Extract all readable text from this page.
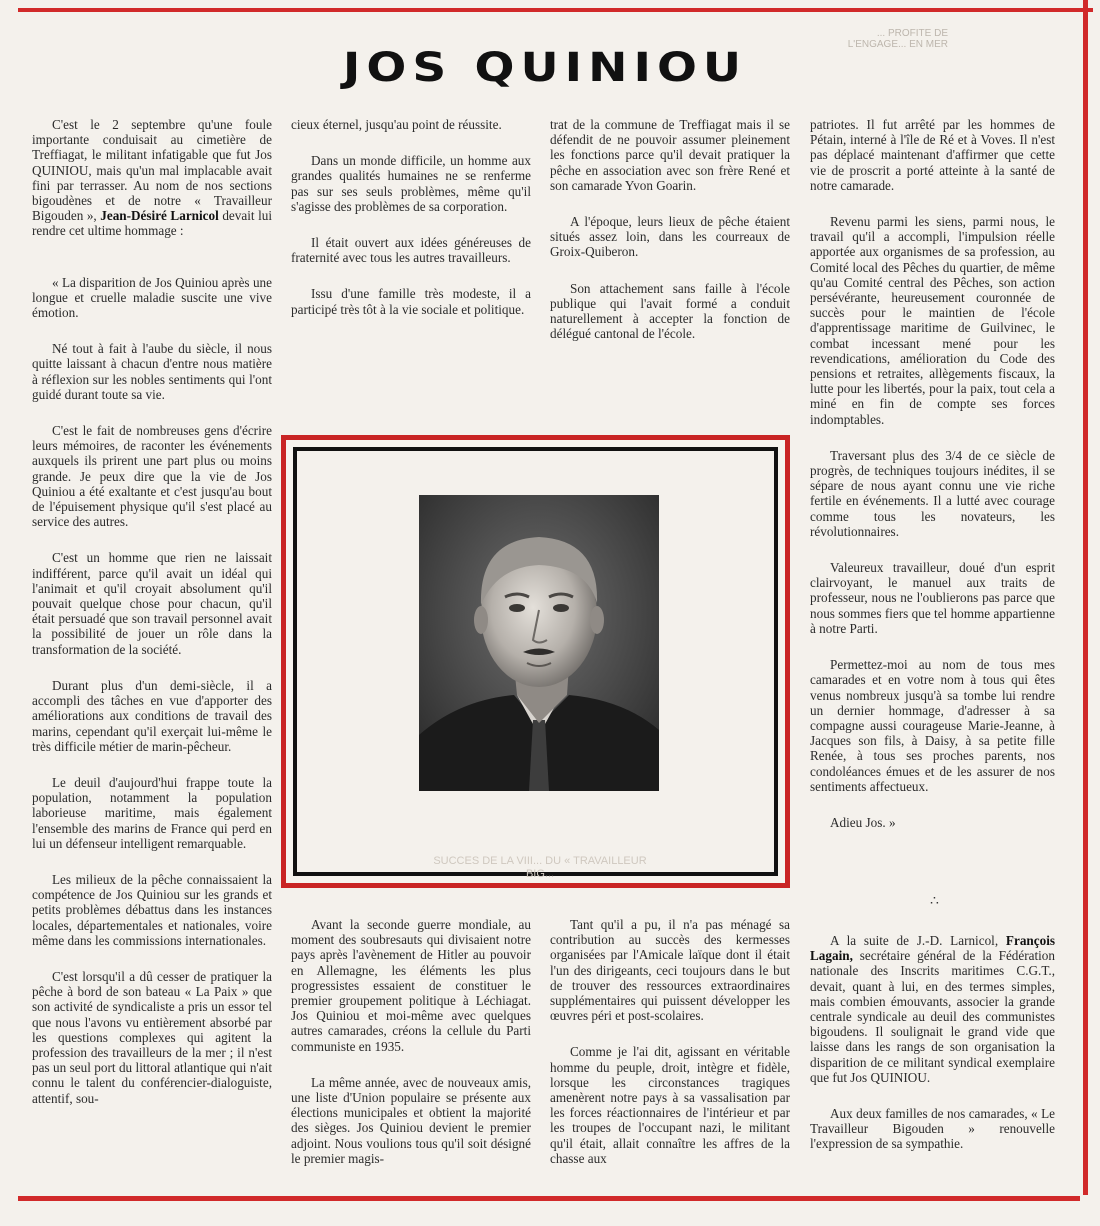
... PROFITE DE L'ENGAGE... EN MER
JOS QUINIOU

C'est le 2 septembre qu'une foule importante conduisait au cimetière de Treffiagat, le militant infatigable que fut Jos QUINIOU, mais qu'un mal implacable avait fini par terrasser. Au nom de nos sections bigoudènes et de notre « Travailleur Bigouden », Jean-Désiré Larnicol devait lui rendre cet ultime hommage :

« La disparition de Jos Quiniou après une longue et cruelle maladie suscite une vive émotion.

Né tout à fait à l'aube du siècle, il nous quitte laissant à chacun d'entre nous matière à réflexion sur les nobles sentiments qui l'ont guidé durant toute sa vie.

C'est le fait de nombreuses gens d'écrire leurs mémoires, de raconter les événements auxquels ils prirent une part plus ou moins grande. Je peux dire que la vie de Jos Quiniou a été exaltante et c'est jusqu'au bout de l'épuisement physique qu'il s'est placé au service des autres.

C'est un homme que rien ne laissait indifférent, parce qu'il avait un idéal qui l'animait et qu'il croyait absolument qu'il pouvait quelque chose pour chacun, qu'il était persuadé que son travail personnel avait la possibilité de jouer un rôle dans la transformation de la société.

Durant plus d'un demi-siècle, il a accompli des tâches en vue d'apporter des améliorations aux conditions de travail des marins, cependant qu'il exerçait lui-même le très difficile métier de marin-pêcheur.

Le deuil d'aujourd'hui frappe toute la population, notamment la population laborieuse maritime, mais également l'ensemble des marins de France qui perd en lui un défenseur intelligent remarquable.

Les milieux de la pêche connaissaient la compétence de Jos Quiniou sur les grands et petits problèmes débattus dans les instances locales, départementales et nationales, voire même dans les commissions internationales.

C'est lorsqu'il a dû cesser de pratiquer la pêche à bord de son bateau « La Paix » que son activité de syndicaliste a pris un essor tel que nous l'avons vu entièrement absorbé par les questions complexes qui agitent la profession des travailleurs de la mer ; il n'est pas un seul port du littoral atlantique qui n'ait connu le talent du conférencier-dialoguiste, attentif, sou-

cieux éternel, jusqu'au point de réussite.

Dans un monde difficile, un homme aux grandes qualités humaines ne se renferme pas sur ses seuls problèmes, même qu'il s'agisse des problèmes de sa corporation.

Il était ouvert aux idées généreuses de fraternité avec tous les autres travailleurs.

Issu d'une famille très modeste, il a participé très tôt à la vie sociale et politique.

trat de la commune de Treffiagat mais il se défendit de ne pouvoir assumer pleinement les fonctions parce qu'il devait pratiquer la pêche en association avec son frère René et son camarade Yvon Goarin.

A l'époque, leurs lieux de pêche étaient situés assez loin, dans les courreaux de Groix-Quiberon.

Son attachement sans faille à l'école publique qui l'avait formé a conduit naturellement à accepter la fonction de délégué cantonal de l'école.

patriotes. Il fut arrêté par les hommes de Pétain, interné à l'île de Ré et à Voves. Il n'est pas déplacé maintenant d'affirmer que cette vie de proscrit a porté atteinte à la santé de notre camarade.

Revenu parmi les siens, parmi nous, le travail qu'il a accompli, l'impulsion réelle apportée aux organismes de sa profession, au Comité local des Pêches du quartier, de même qu'au Comité central des Pêches, son action persévérante, heureusement couronnée de succès pour le maintien de l'école d'apprentissage maritime de Guilvinec, le combat incessant mené pour les revendications, amélioration du Code des pensions et retraites, allègements fiscaux, la lutte pour les libertés, pour la paix, tout cela a miné en fin de compte ses forces indomptables.

Traversant plus des 3/4 de ce siècle de progrès, de techniques toujours inédites, il se sépare de nous ayant connu une vie riche fertile en événements. Il a lutté avec courage comme tous les novateurs, les révolutionnaires.

Valeureux travailleur, doué d'un esprit clairvoyant, le manuel aux traits de professeur, nous ne l'oublierons pas parce que nous sommes fiers que tel homme appartienne à notre Parti.

Permettez-moi au nom de tous mes camarades et en votre nom à tous qui êtes venus nombreux jusqu'à sa tombe lui rendre un dernier hommage, d'adresser à sa compagne aussi courageuse Marie-Jeanne, à Jacques son fils, à Daisy, à sa petite fille Renée, à tous ses proches parents, nos condoléances émues et de les assurer de nos sentiments affectueux.

Adieu Jos. »

SUCCES DE LA VIII... DU « TRAVAILLEUR BIG...

Avant la seconde guerre mondiale, au moment des soubresauts qui divisaient notre pays après l'avènement de Hitler au pouvoir en Allemagne, les éléments les plus progressistes essaient de constituer le premier groupement politique à Léchiagat. Jos Quiniou et moi-même avec quelques autres camarades, créons la cellule du Parti communiste en 1935.

La même année, avec de nouveaux amis, une liste d'Union populaire se présente aux élections municipales et obtient la majorité des sièges. Jos Quiniou devient le premier adjoint. Nous voulions tous qu'il soit désigné le premier magis-

Tant qu'il a pu, il n'a pas ménagé sa contribution au succès des kermesses organisées par l'Amicale laïque dont il était l'un des dirigeants, ceci toujours dans le but de trouver des ressources extraordinaires supplémentaires qui puissent développer les œuvres péri et post-scolaires.

Comme je l'ai dit, agissant en véritable homme du peuple, droit, intègre et fidèle, lorsque les circonstances tragiques amenèrent notre pays à sa vassalisation par les forces réactionnaires de l'intérieur et par les troupes de l'occupant nazi, le militant qu'il était, allait connaître les affres de la chasse aux

∴

A la suite de J.-D. Larnicol, François Lagain, secrétaire général de la Fédération nationale des Inscrits maritimes C.G.T., devait, quant à lui, en des termes simples, mais combien émouvants, associer la grande centrale syndicale au deuil des communistes bigoudens. Il soulignait le grand vide que laisse dans les rangs de son organisation la disparition de ce militant syndical exemplaire que fut Jos QUINIOU.

Aux deux familles de nos camarades, « Le Travailleur Bigouden » renouvelle l'expression de sa sympathie.
